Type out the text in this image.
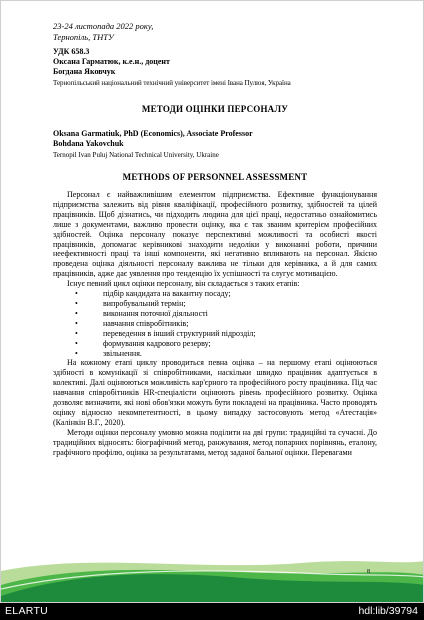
23-24 листопада 2022 року,
Тернопіль, ТНТУ
УДК 658.3
Оксана Гарматюк, к.е.н., доцент
Богдана Яковчук
Тернопільський національний технічний університет імені Івана Пулюя, Україна
МЕТОДИ ОЦІНКИ ПЕРСОНАЛУ
Oksana Garmatiuk, PhD (Economics), Associate Professor
Bohdana Yakovchuk
Ternopil Ivan Puluj National Technical University, Ukraine
METHODS OF PERSONNEL ASSESSMENT

Персонал є найважливішим елементом підприємства. Ефективне функціонування підприємства залежить від рівня кваліфікації, професійного розвитку, здібностей та цілей працівників. Щоб дізнатись, чи підходить людина для цієї праці, недостатньо ознайомитись лише з документами, важливо провести оцінку, яка є так званим критерієм професійних здібностей. Оцінка персоналу показує перспективні можливості та особисті якості працівників, допомагає керівникові знаходити недоліки у виконанні роботи, причини неефективності праці та інші компоненти, які негативно впливають на персонал. Якісно проведена оцінка діяльності персоналу важлива не тільки для керівника, а й для самих працівників, адже дає уявлення про тенденцію їх успішності та слугує мотивацією.

Існує певний цикл оцінки персоналу, він складається з таких етапів:

• підбір кандидата на вакантну посаду;
• випробувальний термін;
• виконання поточної діяльності
• навчання співробітників;
• переведення в інший структурний підрозділ;
• формування кадрового резерву;
• звільнення.

На кожному етапі циклу проводиться певна оцінка – на першому етапі оцінюються здібності в комунікації зі співробітниками, наскільки швидко працівник адаптується в колективі. Далі оцінюються можливість кар'єрного та професійного росту працівника. Під час навчання співробітників HR-спеціалісти оцінюють рівень професійного розвитку. Оцінка дозволяє визначити, які нові обов'язки можуть бути покладені на працівника. Часто проводять оцінку відносно некомпетентності, в цьому випадку застосовують метод «Атестація» (Калінкін В.Г., 2020).

Методи оцінки персоналу умовно можна поділити на дві групи: традиційні та сучасні. До традиційних відносять: біографічний метод, ранжування, метод попарних порівнянь, еталону, графічного профілю, оцінка за результатами, метод заданої бальної оцінки. Перевагами

8
ELARTU	hdl:lib/39794
